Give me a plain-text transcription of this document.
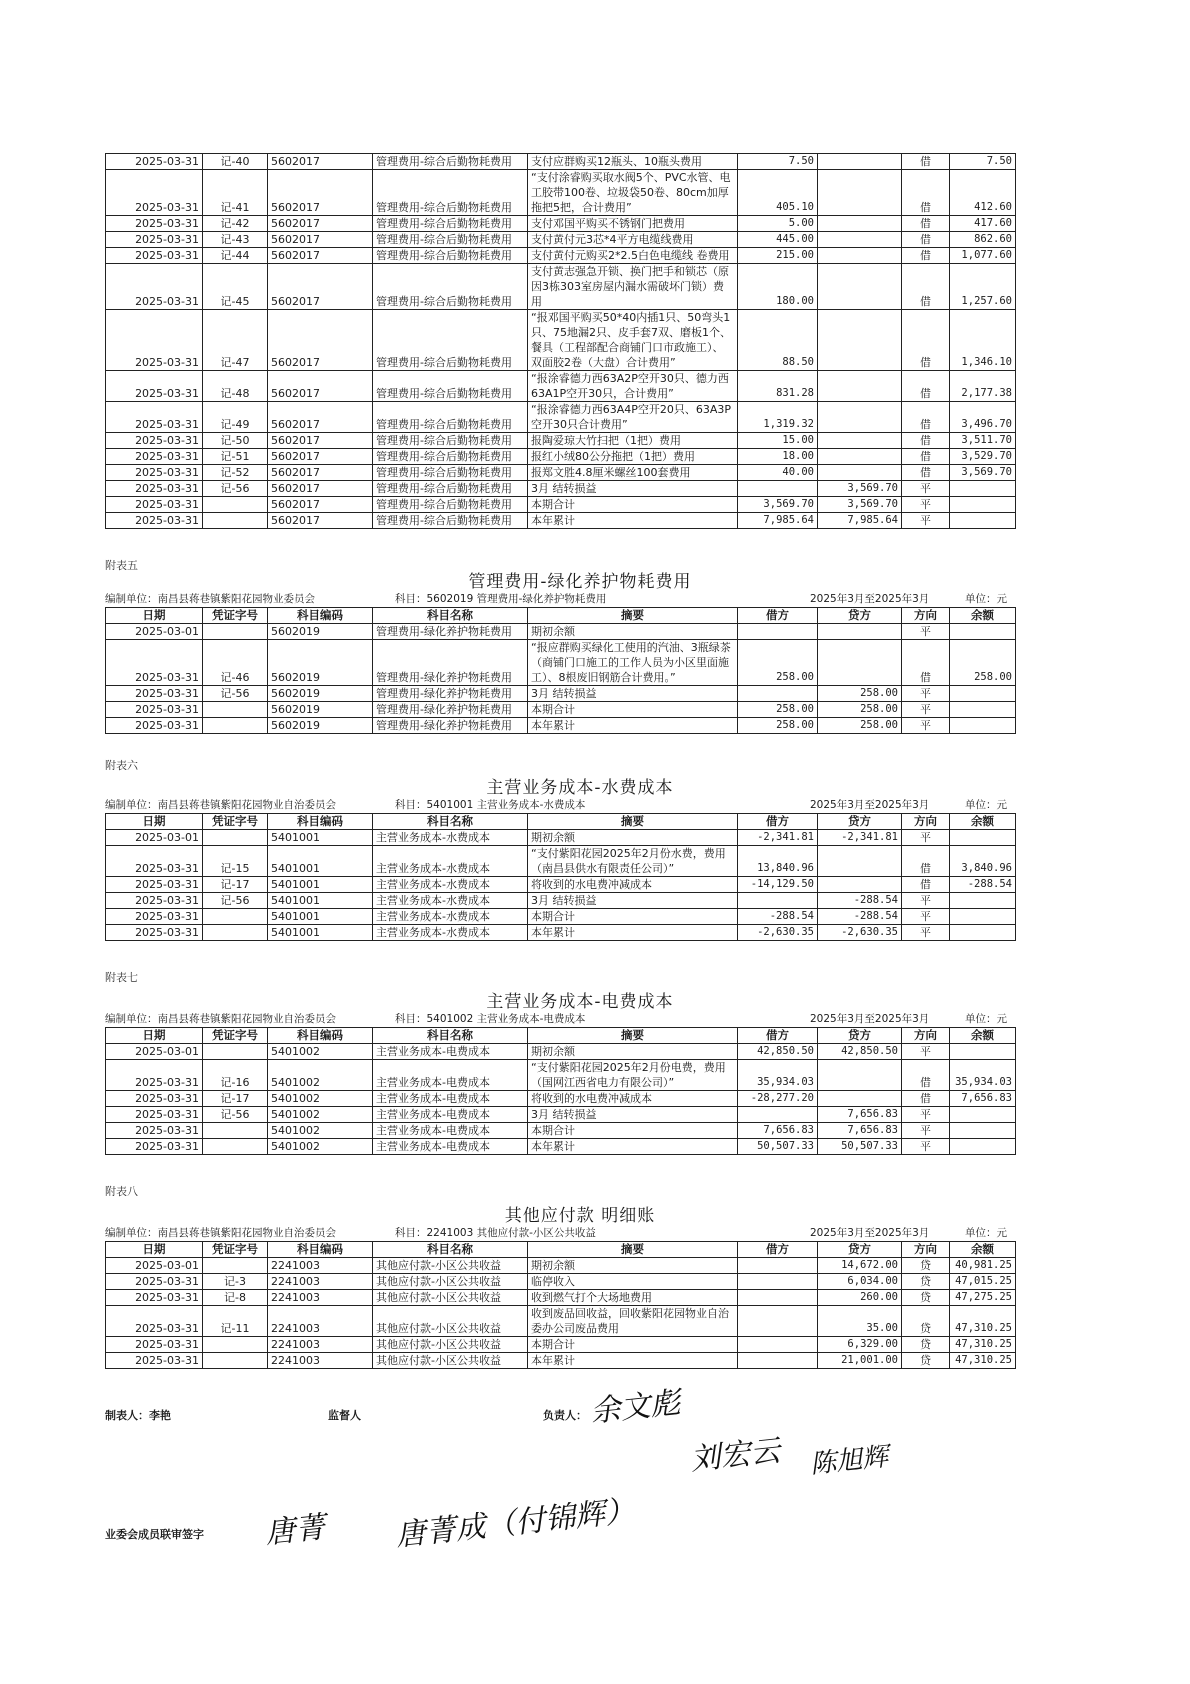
2025-03-31	记-40	5602017	管理费用-综合后勤物耗费用	支付应群购买12瓶头、10瓶头费用	7.50		借	7.50
2025-03-31	记-41	5602017	管理费用-综合后勤物耗费用	“支付涂睿购买取水阀5个、PVC水管、电工胶带100卷、垃圾袋50卷、80cm加厚拖把5把，合计费用”	405.10		借	412.60
2025-03-31	记-42	5602017	管理费用-综合后勤物耗费用	支付邓国平购买不锈钢门把费用	5.00		借	417.60
2025-03-31	记-43	5602017	管理费用-综合后勤物耗费用	支付黄付元3芯*4平方电缆线费用	445.00		借	862.60
2025-03-31	记-44	5602017	管理费用-综合后勤物耗费用	支付黄付元购买2*2.5白色电缆线 卷费用	215.00		借	1,077.60
2025-03-31	记-45	5602017	管理费用-综合后勤物耗费用	支付黄志强急开锁、换门把手和锁芯（原因3栋303室房屋内漏水需破坏门锁）费用	180.00		借	1,257.60
2025-03-31	记-47	5602017	管理费用-综合后勤物耗费用	“报邓国平购买50*40内插1只、50弯头1只、75地漏2只、皮手套7双、磨板1个、餐具（工程部配合商铺门口市政施工）、双面胶2卷（大盘）合计费用”	88.50		借	1,346.10
2025-03-31	记-48	5602017	管理费用-综合后勤物耗费用	“报涂睿德力西63A2P空开30只、德力西63A1P空开30只，合计费用”	831.28		借	2,177.38
2025-03-31	记-49	5602017	管理费用-综合后勤物耗费用	“报涂睿德力西63A4P空开20只、63A3P空开30只合计费用”	1,319.32		借	3,496.70
2025-03-31	记-50	5602017	管理费用-综合后勤物耗费用	报陶爱琼大竹扫把（1把）费用	15.00		借	3,511.70
2025-03-31	记-51	5602017	管理费用-综合后勤物耗费用	报红小绒80公分拖把（1把）费用	18.00		借	3,529.70
2025-03-31	记-52	5602017	管理费用-综合后勤物耗费用	报郑文胜4.8厘米螺丝100套费用	40.00		借	3,569.70
2025-03-31	记-56	5602017	管理费用-综合后勤物耗费用	3月 结转损益		3,569.70	平	
2025-03-31		5602017	管理费用-综合后勤物耗费用	本期合计	3,569.70	3,569.70	平	
2025-03-31		5602017	管理费用-综合后勤物耗费用	本年累计	7,985.64	7,985.64	平	
附表五
管理费用-绿化养护物耗费用
编制单位：南昌县蒋巷镇紫阳花园物业委员会	科目：5602019 管理费用-绿化养护物耗费用	2025年3月至2025年3月	单位：元
日期	凭证字号	科目编码	科目名称	摘要	借方	贷方	方向	余额
2025-03-01		5602019	管理费用-绿化养护物耗费用	期初余额			平	
2025-03-31	记-46	5602019	管理费用-绿化养护物耗费用	“报应群购买绿化工使用的汽油、3瓶绿茶（商铺门口施工的工作人员为小区里面施工）、8根废旧钢筋合计费用。”	258.00		借	258.00
2025-03-31	记-56	5602019	管理费用-绿化养护物耗费用	3月 结转损益		258.00	平	
2025-03-31		5602019	管理费用-绿化养护物耗费用	本期合计	258.00	258.00	平	
2025-03-31		5602019	管理费用-绿化养护物耗费用	本年累计	258.00	258.00	平	
附表六
主营业务成本-水费成本
编制单位：南昌县蒋巷镇紫阳花园物业自治委员会	科目：5401001 主营业务成本-水费成本	2025年3月至2025年3月	单位：元
日期	凭证字号	科目编码	科目名称	摘要	借方	贷方	方向	余额
2025-03-01		5401001	主营业务成本-水费成本	期初余额	-2,341.81	-2,341.81	平	
2025-03-31	记-15	5401001	主营业务成本-水费成本	“支付紫阳花园2025年2月份水费，费用（南昌县供水有限责任公司）”	13,840.96		借	3,840.96
2025-03-31	记-17	5401001	主营业务成本-水费成本	将收到的水电费冲减成本	-14,129.50		借	-288.54
2025-03-31	记-56	5401001	主营业务成本-水费成本	3月 结转损益		-288.54	平	
2025-03-31		5401001	主营业务成本-水费成本	本期合计	-288.54	-288.54	平	
2025-03-31		5401001	主营业务成本-水费成本	本年累计	-2,630.35	-2,630.35	平	
附表七
主营业务成本-电费成本
编制单位：南昌县蒋巷镇紫阳花园物业自治委员会	科目：5401002 主营业务成本-电费成本	2025年3月至2025年3月	单位：元
日期	凭证字号	科目编码	科目名称	摘要	借方	贷方	方向	余额
2025-03-01		5401002	主营业务成本-电费成本	期初余额	42,850.50	42,850.50	平	
2025-03-31	记-16	5401002	主营业务成本-电费成本	“支付紫阳花园2025年2月份电费，费用（国网江西省电力有限公司）”	35,934.03		借	35,934.03
2025-03-31	记-17	5401002	主营业务成本-电费成本	将收到的水电费冲减成本	-28,277.20		借	7,656.83
2025-03-31	记-56	5401002	主营业务成本-电费成本	3月 结转损益		7,656.83	平	
2025-03-31		5401002	主营业务成本-电费成本	本期合计	7,656.83	7,656.83	平	
2025-03-31		5401002	主营业务成本-电费成本	本年累计	50,507.33	50,507.33	平	
附表八
其他应付款 明细账
编制单位：南昌县蒋巷镇紫阳花园物业自治委员会	科目：2241003 其他应付款-小区公共收益	2025年3月至2025年3月	单位：元
日期	凭证字号	科目编码	科目名称	摘要	借方	贷方	方向	余额
2025-03-01		2241003	其他应付款-小区公共收益	期初余额		14,672.00	贷	40,981.25
2025-03-31	记-3	2241003	其他应付款-小区公共收益	临停收入		6,034.00	贷	47,015.25
2025-03-31	记-8	2241003	其他应付款-小区公共收益	收到燃气打个大场地费用		260.00	贷	47,275.25
2025-03-31	记-11	2241003	其他应付款-小区公共收益	收到废品回收益，回收紫阳花园物业自治委办公司废品费用		35.00	贷	47,310.25
2025-03-31		2241003	其他应付款-小区公共收益	本期合计		6,329.00	贷	47,310.25
2025-03-31		2241003	其他应付款-小区公共收益	本年累计		21,001.00	贷	47,310.25
制表人：李艳	监督人	负责人：
业委会成员联审签字
余文彪
刘宏云 陈旭辉
唐菁 唐菁成（付锦辉）
